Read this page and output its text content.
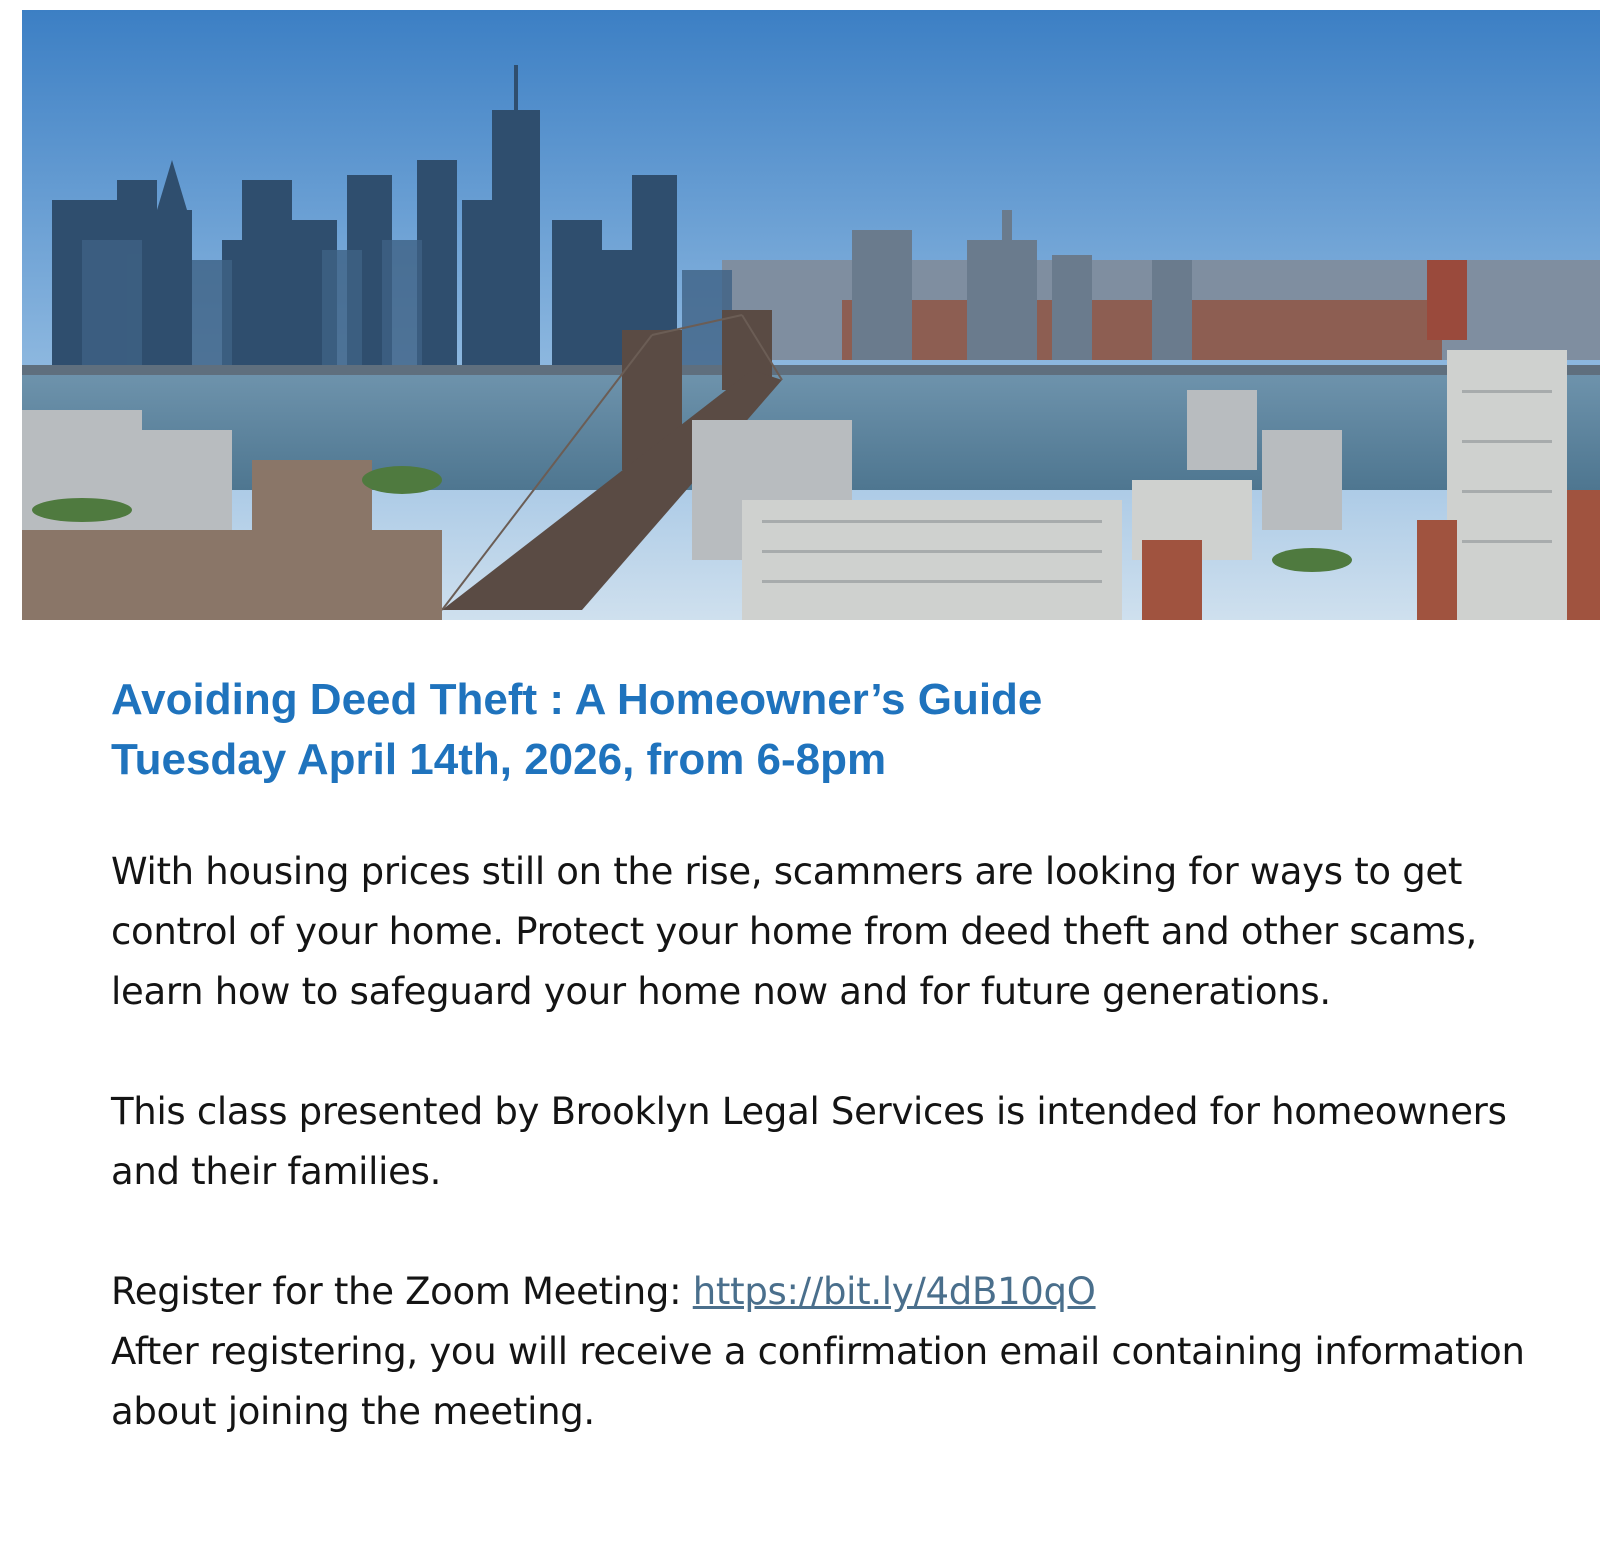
Avoiding Deed Theft : A Homeowner’s Guide
Tuesday April 14th, 2026, from 6-8pm

With housing prices still on the rise, scammers are looking for ways to get control of your home. Protect your home from deed theft and other scams, learn how to safeguard your home now and for future generations.

This class presented by Brooklyn Legal Services is intended for homeowners and their families.

Register for the Zoom Meeting: https://bit.ly/4dB10qO
After registering, you will receive a confirmation email containing information about joining the meeting.
